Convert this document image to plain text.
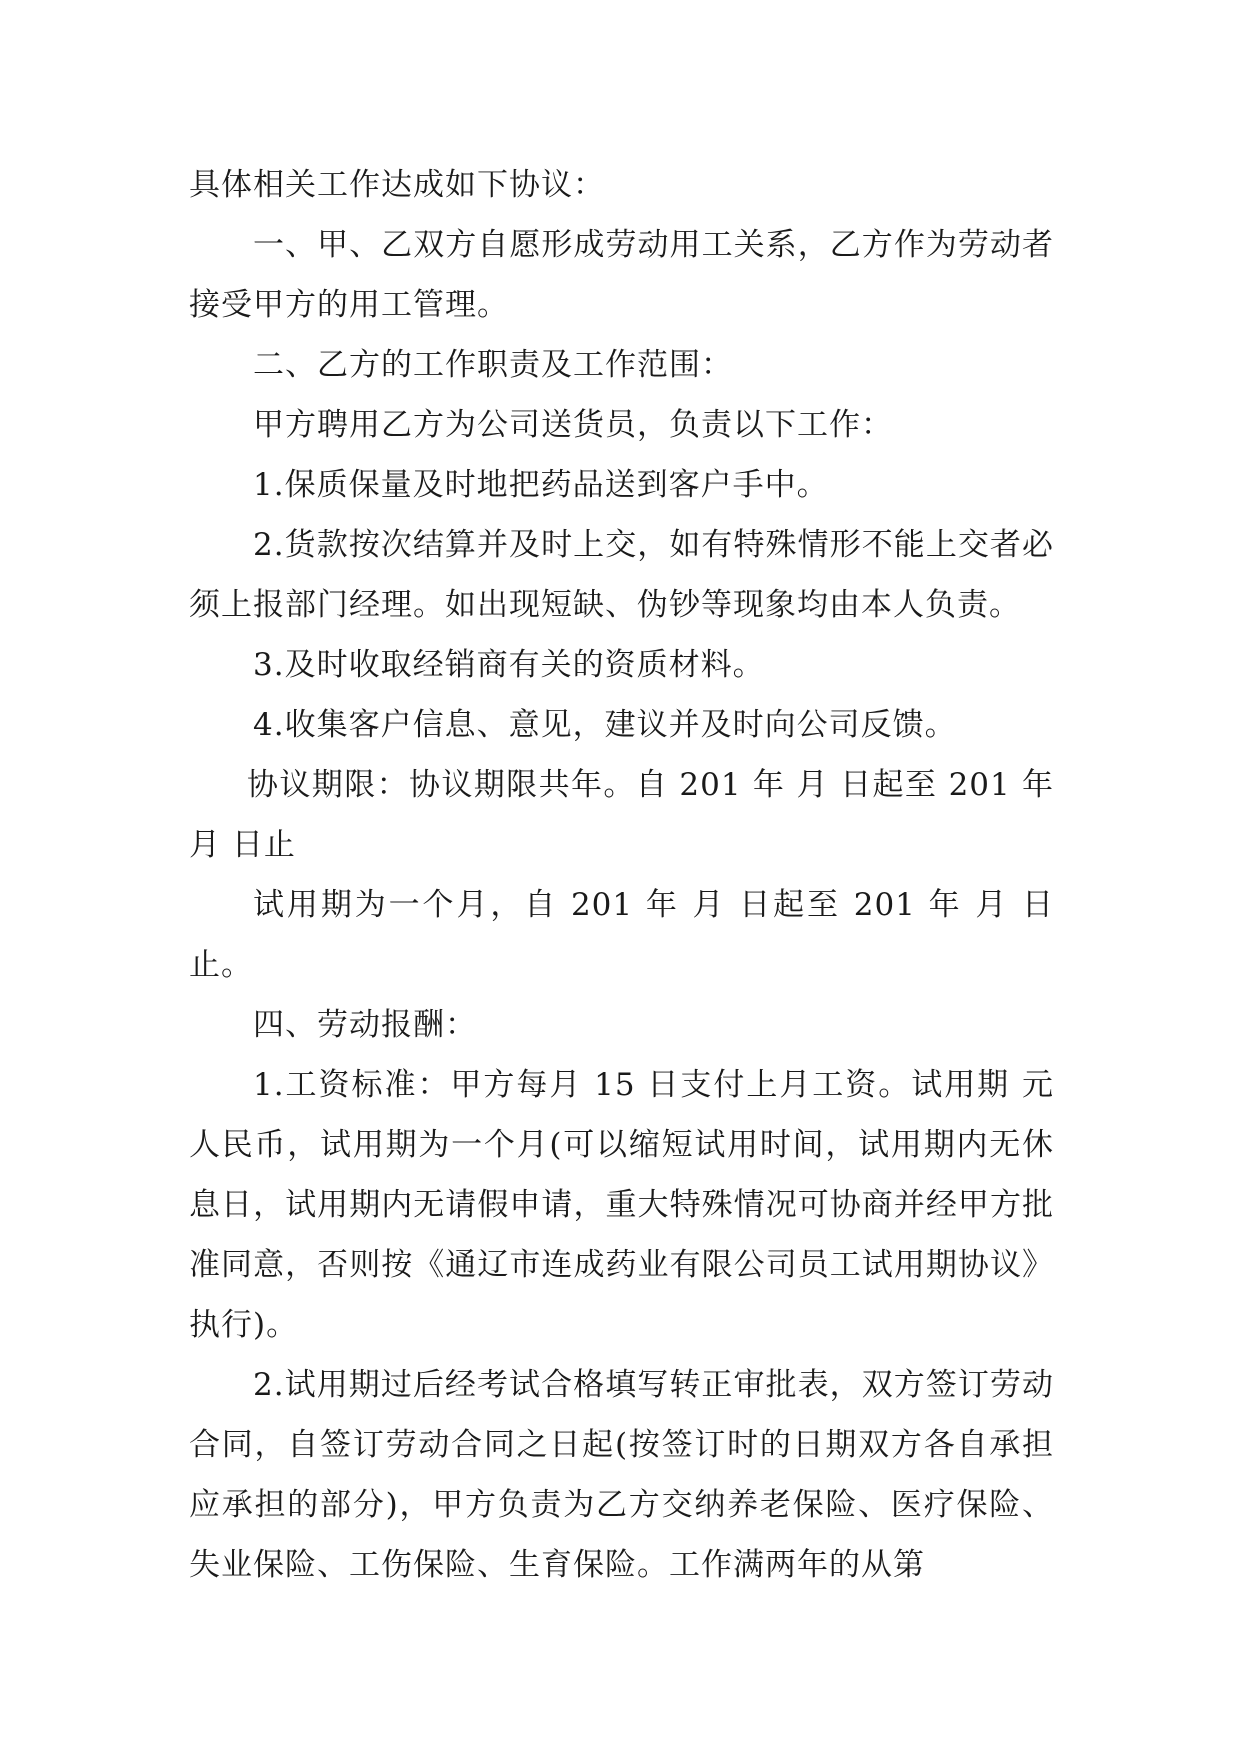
具体相关工作达成如下协议：

一、甲、乙双方自愿形成劳动用工关系，乙方作为劳动者接受甲方的用工管理。

二、乙方的工作职责及工作范围：

甲方聘用乙方为公司送货员，负责以下工作：

1.保质保量及时地把药品送到客户手中。

2.货款按次结算并及时上交，如有特殊情形不能上交者必须上报部门经理。如出现短缺、伪钞等现象均由本人负责。

3.及时收取经销商有关的资质材料。

4.收集客户信息、意见，建议并及时向公司反馈。

协议期限：协议期限共年。自 201 年 月 日起至 201 年 月 日止

试用期为一个月，自 201 年 月 日起至 201 年 月 日止。

四、劳动报酬：

1.工资标准：甲方每月 15 日支付上月工资。试用期 元人民币，试用期为一个月(可以缩短试用时间，试用期内无休息日，试用期内无请假申请，重大特殊情况可协商并经甲方批准同意，否则按《通辽市连成药业有限公司员工试用期协议》执行)。

2.试用期过后经考试合格填写转正审批表，双方签订劳动合同，自签订劳动合同之日起(按签订时的日期双方各自承担应承担的部分)，甲方负责为乙方交纳养老保险、医疗保险、失业保险、工伤保险、生育保险。工作满两年的从第
